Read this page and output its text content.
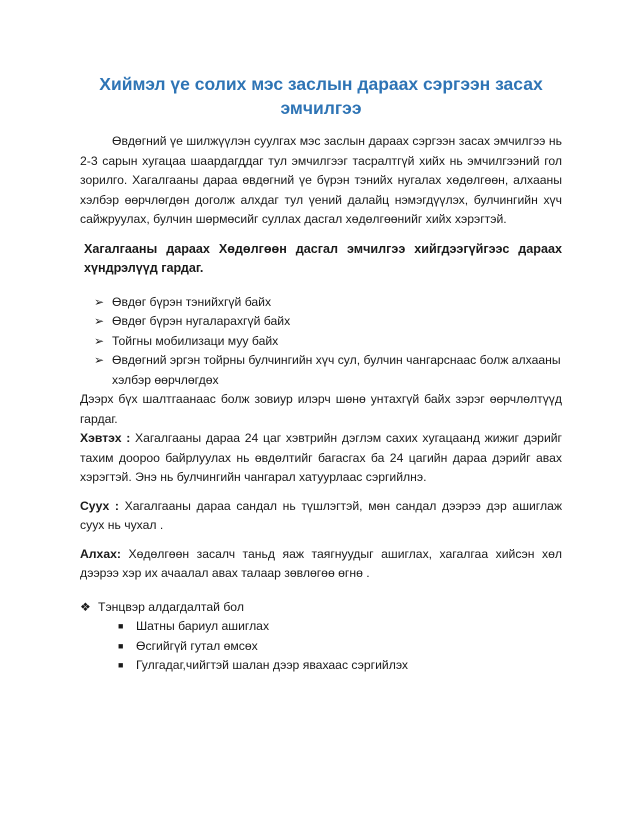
Хиймэл үе солих мэс заслын дараах сэргээн засах эмчилгээ

Өвдөгний үе шилжүүлэн суулгах мэс заслын дараах сэргээн засах эмчилгээ нь 2-3 сарын хугацаа шаардагддаг тул эмчилгээг тасралтгүй хийх нь эмчилгээний гол зорилго. Хагалгааны дараа өвдөгний үе бүрэн тэнийх нугалах хөдөлгөөн, алхааны хэлбэр өөрчлөгдөн доголж алхдаг тул үений далайц нэмэгдүүлэх, булчингийн хүч сайжруулах, булчин шөрмөсийг суллах дасгал хөдөлгөөнийг хийх хэрэгтэй.

Хагалгааны дараах Хөдөлгөөн дасгал эмчилгээ хийгдээгүйгээс дараах хүндрэлүүд гардаг.

➢ Өвдөг бүрэн тэнийхгүй байх
➢ Өвдөг бүрэн нугаларахгүй байх
➢ Тойгны мобилизаци муу байх
➢ Өвдөгний эргэн тойрны булчингийн хүч сул, булчин чангарснаас болж алхааны хэлбэр өөрчлөгдөх

Дээрх бүх шалтгаанаас болж зовиур илэрч шөнө унтахгүй байх зэрэг өөрчлөлтүүд гардаг.

Хэвтэх : Хагалгааны дараа 24 цаг хэвтрийн дэглэм сахих хугацаанд жижиг дэрийг тахим доороо байрлуулах нь өвдөлтийг багасгах ба 24 цагийн дараа дэрийг авах хэрэгтэй. Энэ нь булчингийн чангарал хатуурлаас сэргийлнэ.

Суух : Хагалгааны дараа сандал нь түшлэгтэй, мөн сандал дээрээ дэр ашиглаж суух нь чухал .

Алхах: Хөдөлгөөн засалч таньд яаж таягнуудыг ашиглах, хагалгаа хийсэн хөл дээрээ хэр их ачаалал авах талаар зөвлөгөө өгнө .

❖ Тэнцвэр алдагдалтай бол
■ Шатны бариул ашиглах
■ Өсгийгүй гутал өмсөх
■ Гулгадаг,чийгтэй шалан дээр явахаас сэргийлэх
